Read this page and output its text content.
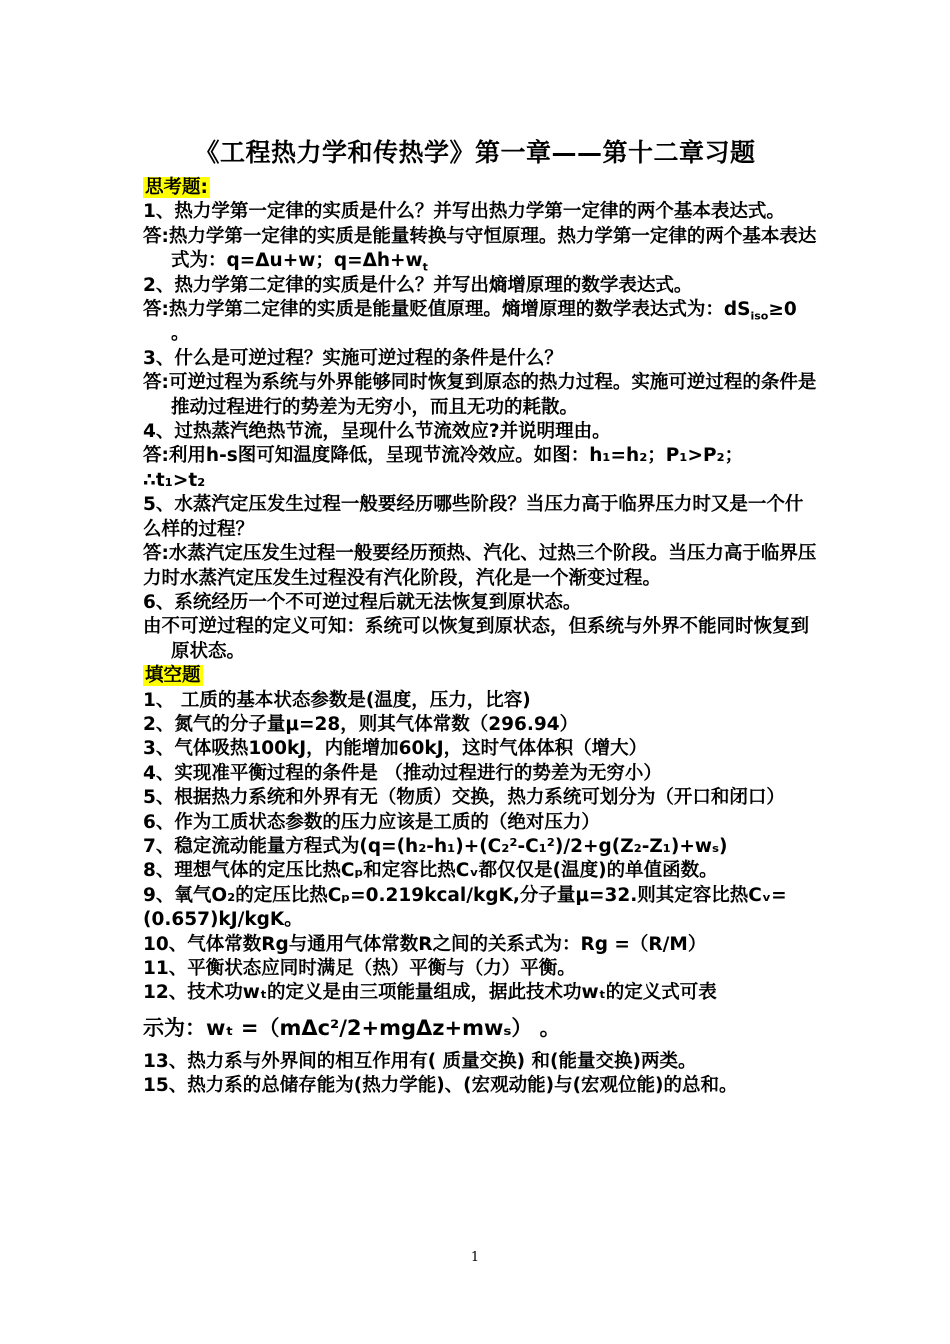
《工程热力学和传热学》第一章——第十二章习题

思考题:

1、热力学第一定律的实质是什么？并写出热力学第一定律的两个基本表达式。

答:热力学第一定律的实质是能量转换与守恒原理。热力学第一定律的两个基本表达式为：q=Δu+w；$q=\Delta h+w_t$

2、热力学第二定律的实质是什么？并写出熵增原理的数学表达式。

答:热力学第二定律的实质是能量贬值原理。熵增原理的数学表达式为：$dS_{iso}\ge 0$ 。

3、什么是可逆过程？实施可逆过程的条件是什么？

答:可逆过程为系统与外界能够同时恢复到原态的热力过程。实施可逆过程的条件是推动过程进行的势差为无穷小，而且无功的耗散。

4、过热蒸汽绝热节流，呈现什么节流效应?并说明理由。

答:利用h-s图可知温度降低，呈现节流冷效应。如图：h₁=h₂；P₁>P₂；

∴t₁>t₂

5、水蒸汽定压发生过程一般要经历哪些阶段？当压力高于临界压力时又是一个什么样的过程？

答:水蒸汽定压发生过程一般要经历预热、汽化、过热三个阶段。当压力高于临界压力时水蒸汽定压发生过程没有汽化阶段，汽化是一个渐变过程。

6、系统经历一个不可逆过程后就无法恢复到原状态。

由不可逆过程的定义可知：系统可以恢复到原状态，但系统与外界不能同时恢复到原状态。

填空题

1、 工质的基本状态参数是(温度，压力，比容)

2、氮气的分子量μ=28，则其气体常数（296.94）

3、气体吸热100kJ，内能增加60kJ，这时气体体积（增大）

4、实现准平衡过程的条件是 （推动过程进行的势差为无穷小）

5、根据热力系统和外界有无（物质）交换，热力系统可划分为（开口和闭口）

6、作为工质状态参数的压力应该是工质的（绝对压力）

7、稳定流动能量方程式为(q=(h₂-h₁)+(C₂²-C₁²)/2+g(Z₂-Z₁)+wₛ)

8、理想气体的定压比热Cₚ和定容比热Cᵥ都仅仅是(温度)的单值函数。

9、氧气O₂的定压比热Cₚ=0.219kcal/kgK,分子量μ=32.则其定容比热Cᵥ=(0.657)kJ/kgK。

10、气体常数Rg与通用气体常数R之间的关系式为：Rg =（R/M）

11、平衡状态应同时满足（热）平衡与（力）平衡。

12、技术功wₜ的定义是由三项能量组成，据此技术功wₜ的定义式可表

示为：wₜ =（mΔc²/2+mgΔz+mwₛ） 。

13、热力系与外界间的相互作用有( 质量交换) 和(能量交换)两类。

15、热力系的总储存能为(热力学能)、(宏观动能)与(宏观位能)的总和。

1
